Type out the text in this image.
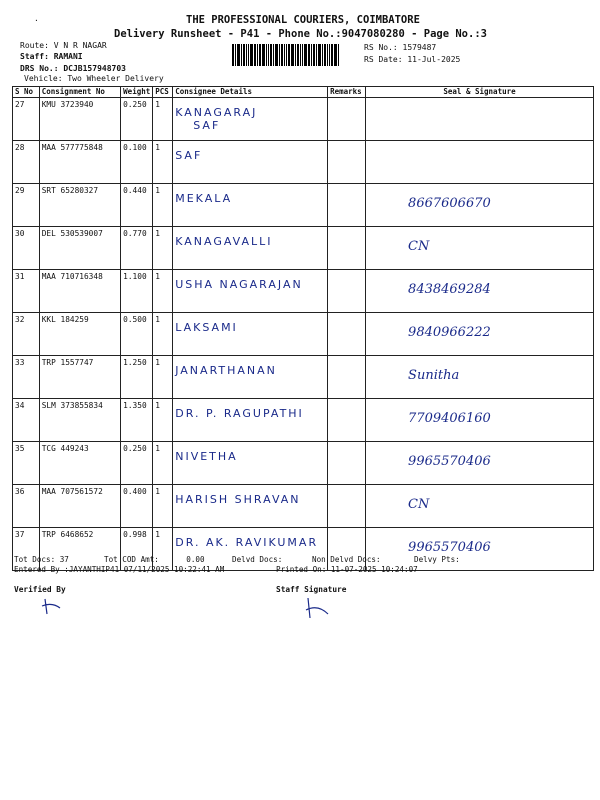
THE PROFESSIONAL COURIERS, COIMBATORE
Delivery Runsheet - P41 - Phone No.:9047080280 - Page No.:3
Route: V N R NAGAR
Staff: RAMANI
DRS No.: DCJB157948703
Vehicle: Two Wheeler Delivery
RS No.: 1579487
RS Date: 11-Jul-2025
·
S No	Consignment No	Weight	PCS	Consignee Details	Remarks	Seal & Signature
27	KMU 3723940	0.250	1	KANAGARAJ
SAF		

28	MAA 577775848	0.100	1	SAF		

29	SRT 65280327	0.440	1	MEKALA		8667606670

30	DEL 530539007	0.770	1	KANAGAVALLI		CN

31	MAA 710716348	1.100	1	USHA NAGARAJAN		8438469284

32	KKL 184259	0.500	1	LAKSAMI		9840966222

33	TRP 1557747	1.250	1	JANARTHANAN		Sunitha

34	SLM 373855834	1.350	1	DR. P. RAGUPATHI		7709406160

35	TCG 449243	0.250	1	NIVETHA		9965570406

36	MAA 707561572	0.400	1	HARISH SHRAVAN		CN

37	TRP 6468652	0.998	1	DR. AK. RAVIKUMAR		9965570406
Tot Docs: 37	Tot COD Amt:      0.00	Delvd Docs:	Non Delvd Docs:	Delvy Pts:
Entered By :JAYANTHIP41 07/11/2025 10:22:41 AM	Printed On: 11-07-2025 10:24:07
Verified By	Staff Signature
